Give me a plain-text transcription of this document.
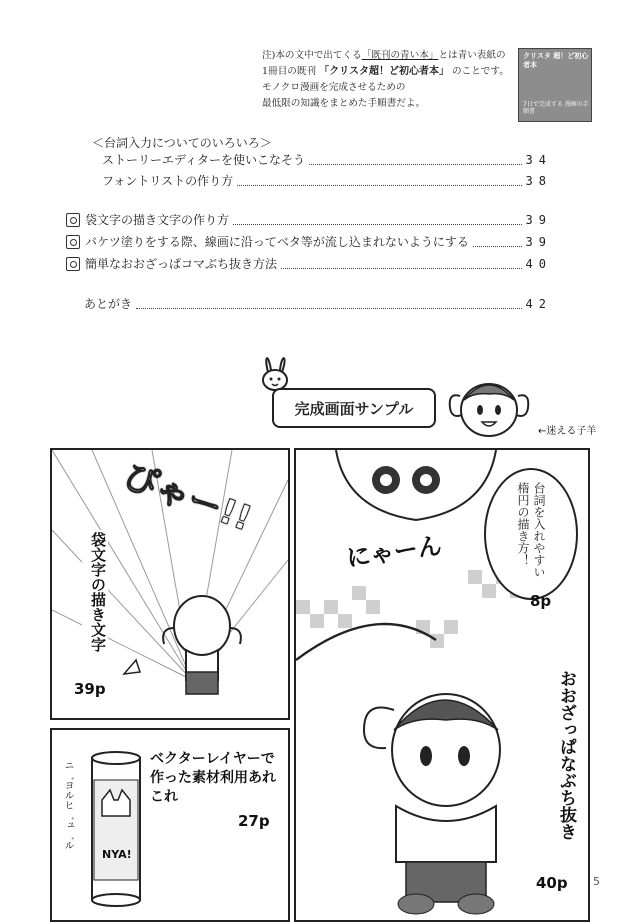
注)本の文中で出てくる「既刊の青い本」とは青い表紙の
1冊目の既刊 「クリスタ超！ど初心者本」 のことです。
モノクロ漫画を完成させるための
最低限の知識をまとめた手順書だよ。
クリスタ 超！ど初心者本
7日で完成する 漫画の手順書
＜台詞入力についてのいろいろ＞
ストーリーエディターを使いこなそう	34
フォントリストの作り方	38
袋文字の描き文字の作り方	39
バケツ塗りをする際、線画に沿ってベタ等が流し込まれないようにする	39
簡単なおおざっぱコマぶち抜き方法	40
あとがき	42
完成画面サンプル
←迷える子羊
ぴゃー!!
袋文字の描き文字
39p
にゃーん	台詞を入れやすい楕円の描き方！
8p
おおざっぱなぶち抜き
40p
NYA!
ニ゛ヨルヒ゛ュ゛ル
ベクターレイヤーで作った素材利用あれこれ
27p
5
